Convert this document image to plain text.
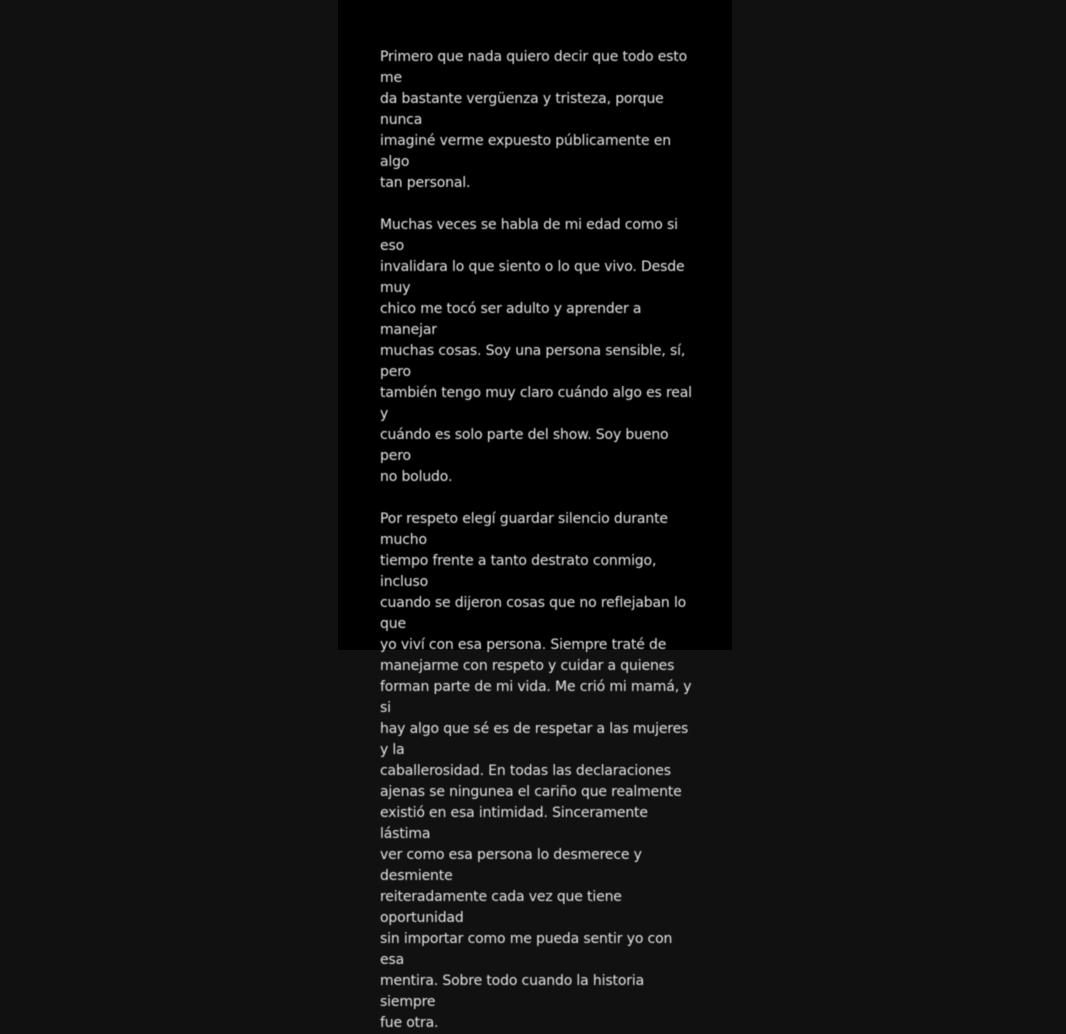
Primero que nada quiero decir que todo esto me
da bastante vergüenza y tristeza, porque nunca
imaginé verme expuesto públicamente en algo
tan personal.

Muchas veces se habla de mi edad como si eso
invalidara lo que siento o lo que vivo. Desde muy
chico me tocó ser adulto y aprender a manejar
muchas cosas. Soy una persona sensible, sí, pero
también tengo muy claro cuándo algo es real y
cuándo es solo parte del show. Soy bueno pero
no boludo.

Por respeto elegí guardar silencio durante mucho
tiempo frente a tanto destrato conmigo, incluso
cuando se dijeron cosas que no reflejaban lo que
yo viví con esa persona. Siempre traté de
manejarme con respeto y cuidar a quienes
forman parte de mi vida. Me crió mi mamá, y si
hay algo que sé es de respetar a las mujeres y la
caballerosidad. En todas las declaraciones
ajenas se ningunea el cariño que realmente
existió en esa intimidad. Sinceramente lástima
ver como esa persona lo desmerece y desmiente
reiteradamente cada vez que tiene oportunidad
sin importar como me pueda sentir yo con esa
mentira. Sobre todo cuando la historia siempre
fue otra.
